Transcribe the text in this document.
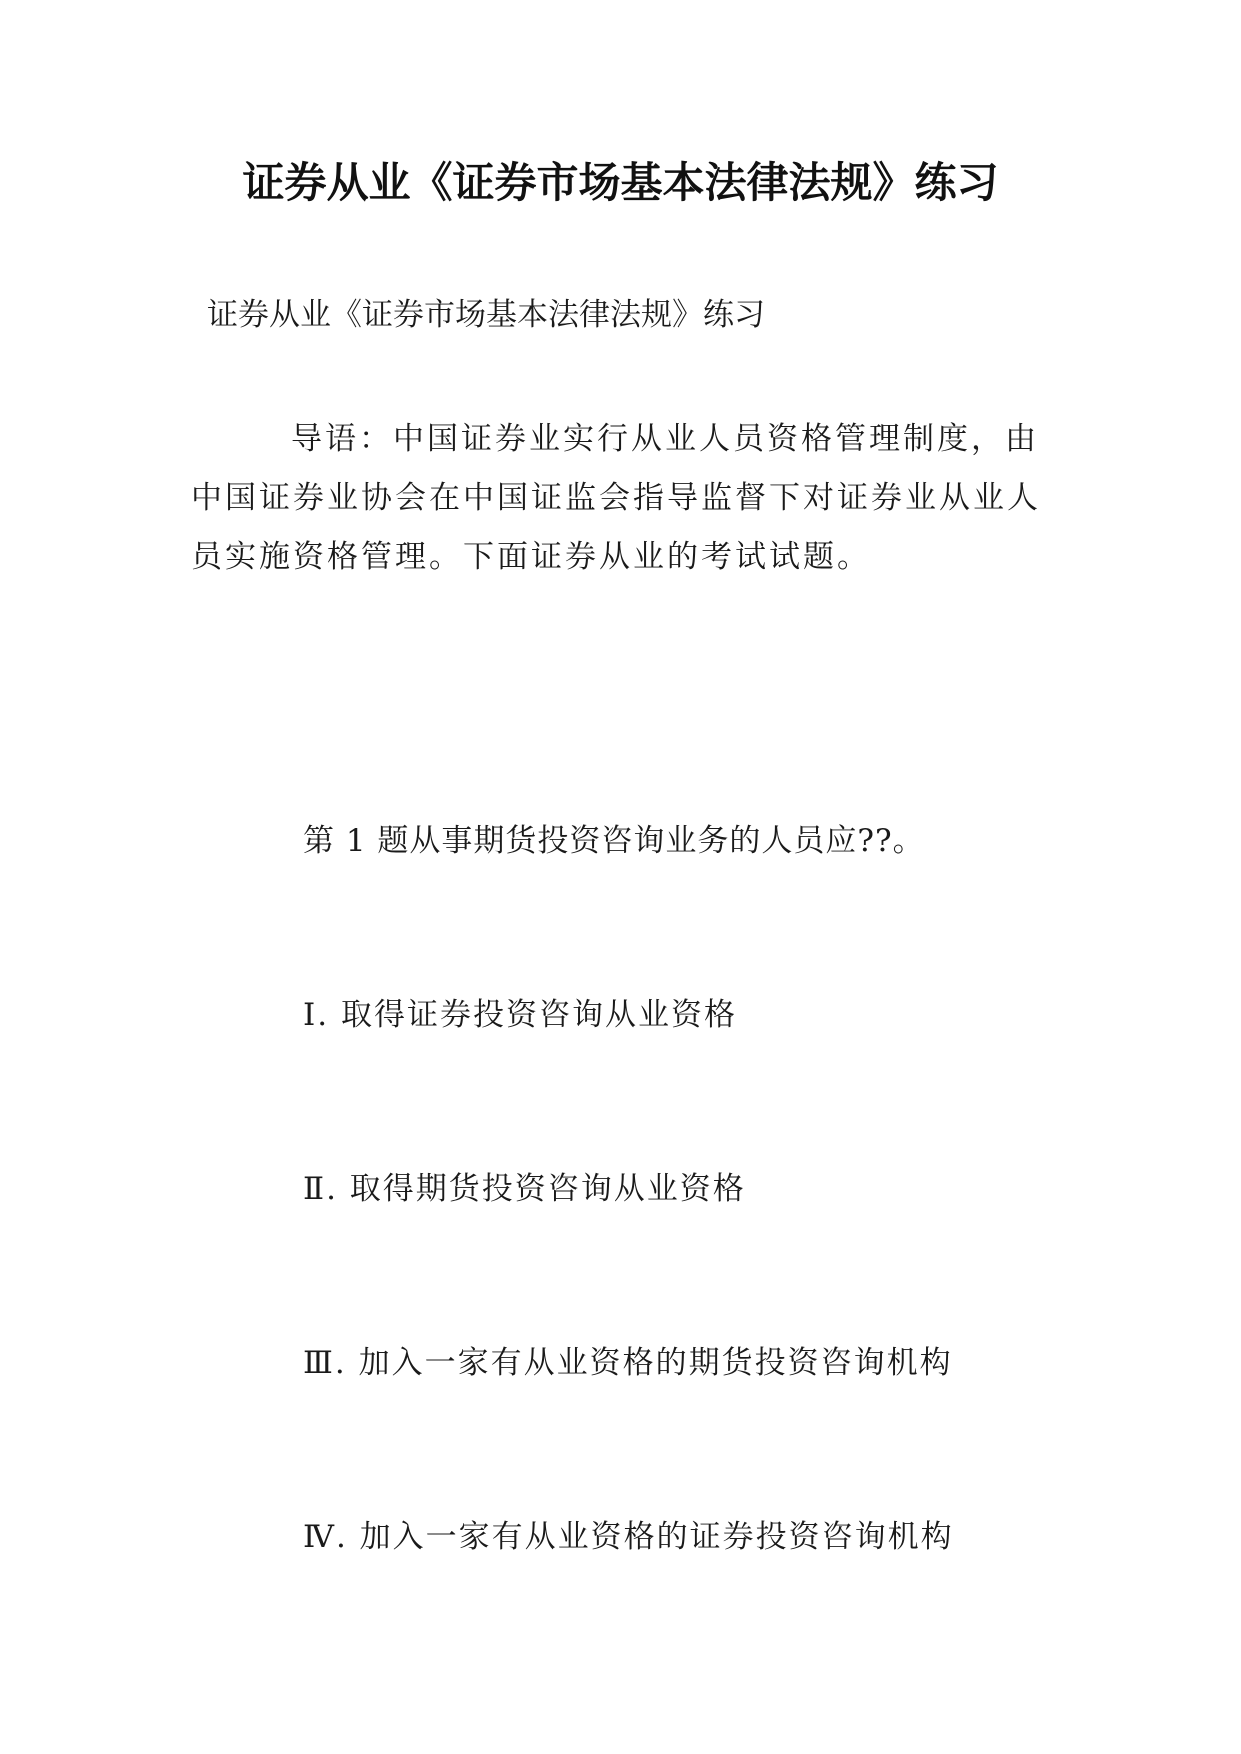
证券从业《证券市场基本法律法规》练习

证券从业《证券市场基本法律法规》练习

导语：中国证券业实行从业人员资格管理制度，由中国证券业协会在中国证监会指导监督下对证券业从业人员实施资格管理。下面证券从业的考试试题。

第 1 题从事期货投资咨询业务的人员应??。

Ⅰ. 取得证券投资咨询从业资格

Ⅱ. 取得期货投资咨询从业资格

Ⅲ. 加入一家有从业资格的期货投资咨询机构

Ⅳ. 加入一家有从业资格的证券投资咨询机构
